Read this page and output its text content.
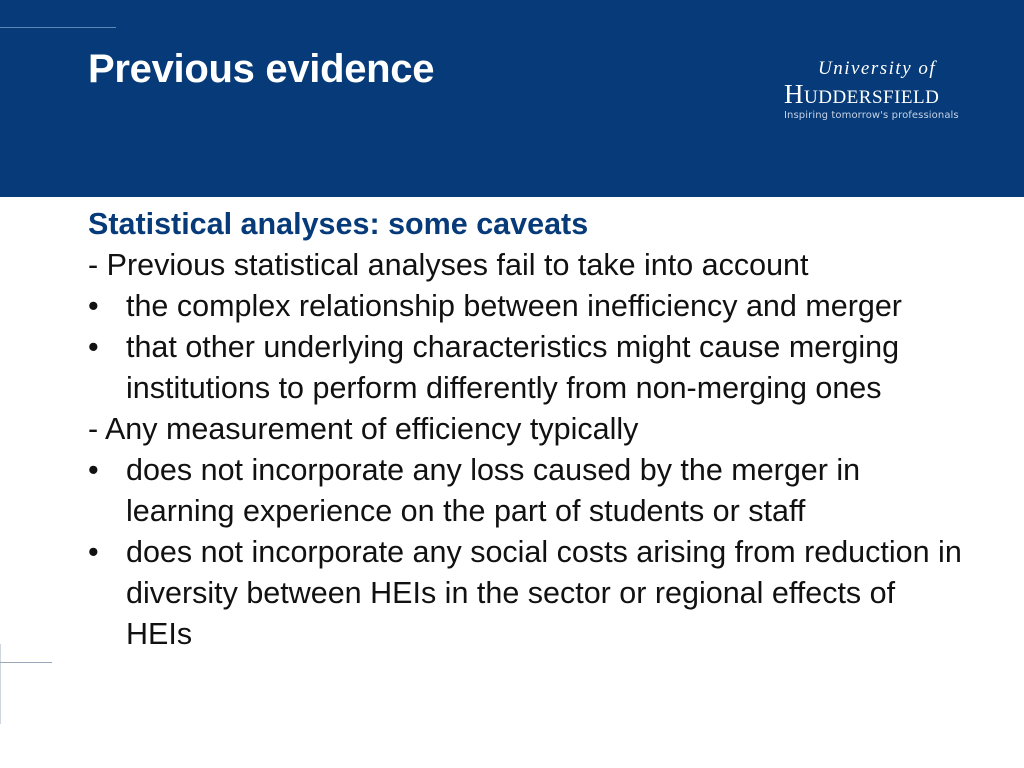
Previous evidence	University of
Huddersfield
Inspiring tomorrow's professionals
Statistical analyses: some caveats
- Previous statistical analyses fail to take into account
• the complex relationship between inefficiency and merger
• that other underlying characteristics might cause merging institutions to perform differently from non-merging ones
- Any measurement of efficiency typically
• does not incorporate any loss caused by the merger in learning experience on the part of students or staff
• does not incorporate any social costs arising from reduction in diversity between HEIs in the sector or regional effects of HEIs
